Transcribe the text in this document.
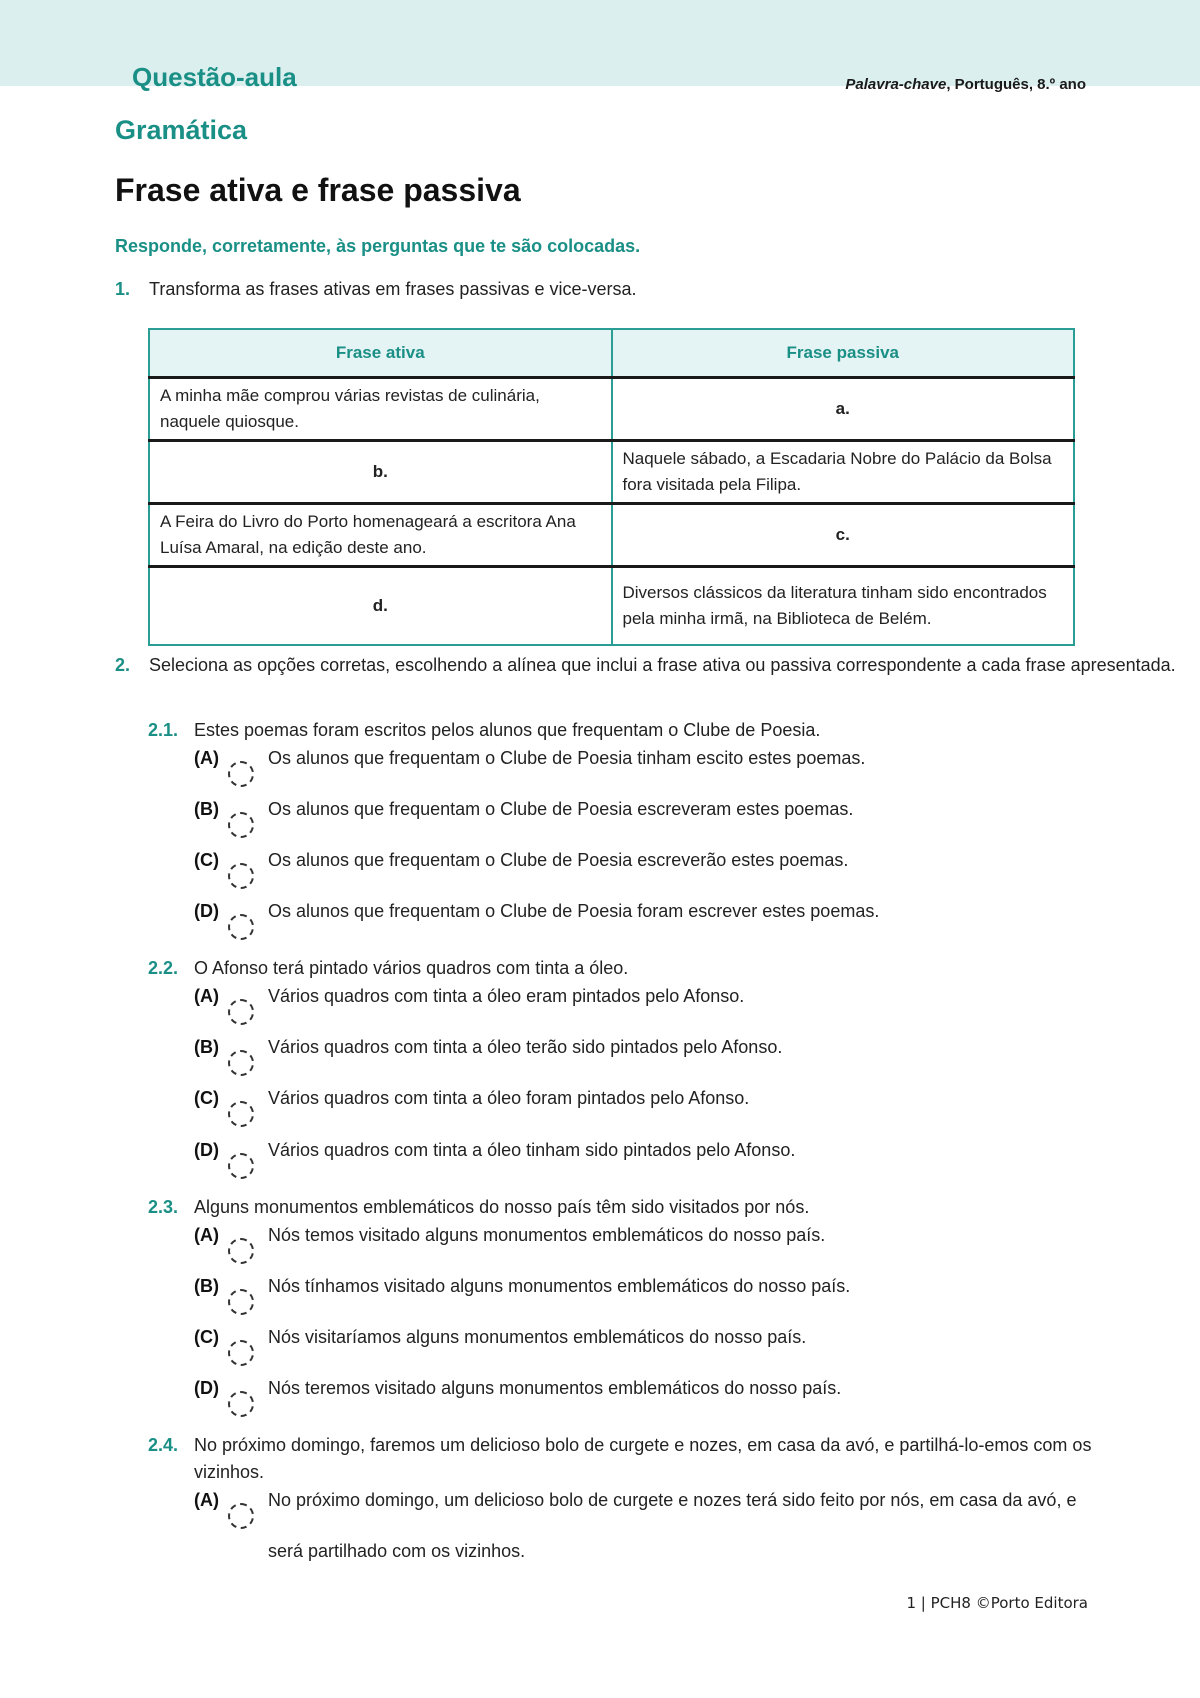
Questão-aula	Palavra-chave, Português, 8.º ano
Gramática
Frase ativa e frase passiva
Responde, corretamente, às perguntas que te são colocadas.
1. Transforma as frases ativas em frases passivas e vice-versa.
Frase ativa	Frase passiva
A minha mãe comprou várias revistas de culinária, naquele quiosque.	a.
b.	Naquele sábado, a Escadaria Nobre do Palácio da Bolsa fora visitada pela Filipa.
A Feira do Livro do Porto homenageará a escritora Ana Luísa Amaral, na edição deste ano.	c.
d.	Diversos clássicos da literatura tinham sido encontrados pela minha irmã, na Biblioteca de Belém.
2. Seleciona as opções corretas, escolhendo a alínea que inclui a frase ativa ou passiva correspondente a cada frase apresentada.
2.1. Estes poemas foram escritos pelos alunos que frequentam o Clube de Poesia.
(A)	Os alunos que frequentam o Clube de Poesia tinham escito estes poemas.
(B)	Os alunos que frequentam o Clube de Poesia escreveram estes poemas.
(C)	Os alunos que frequentam o Clube de Poesia escreverão estes poemas.
(D)	Os alunos que frequentam o Clube de Poesia foram escrever estes poemas.
2.2. O Afonso terá pintado vários quadros com tinta a óleo.
(A)	Vários quadros com tinta a óleo eram pintados pelo Afonso.
(B)	Vários quadros com tinta a óleo terão sido pintados pelo Afonso.
(C)	Vários quadros com tinta a óleo foram pintados pelo Afonso.
(D)	Vários quadros com tinta a óleo tinham sido pintados pelo Afonso.
2.3. Alguns monumentos emblemáticos do nosso país têm sido visitados por nós.
(A)	Nós temos visitado alguns monumentos emblemáticos do nosso país.
(B)	Nós tínhamos visitado alguns monumentos emblemáticos do nosso país.
(C)	Nós visitaríamos alguns monumentos emblemáticos do nosso país.
(D)	Nós teremos visitado alguns monumentos emblemáticos do nosso país.
2.4. No próximo domingo, faremos um delicioso bolo de curgete e nozes, em casa da avó, e partilhá-lo-emos com os vizinhos.
(A)	No próximo domingo, um delicioso bolo de curgete e nozes terá sido feito por nós, em casa da avó, e será partilhado com os vizinhos.
1 | PCH8 ©Porto Editora
